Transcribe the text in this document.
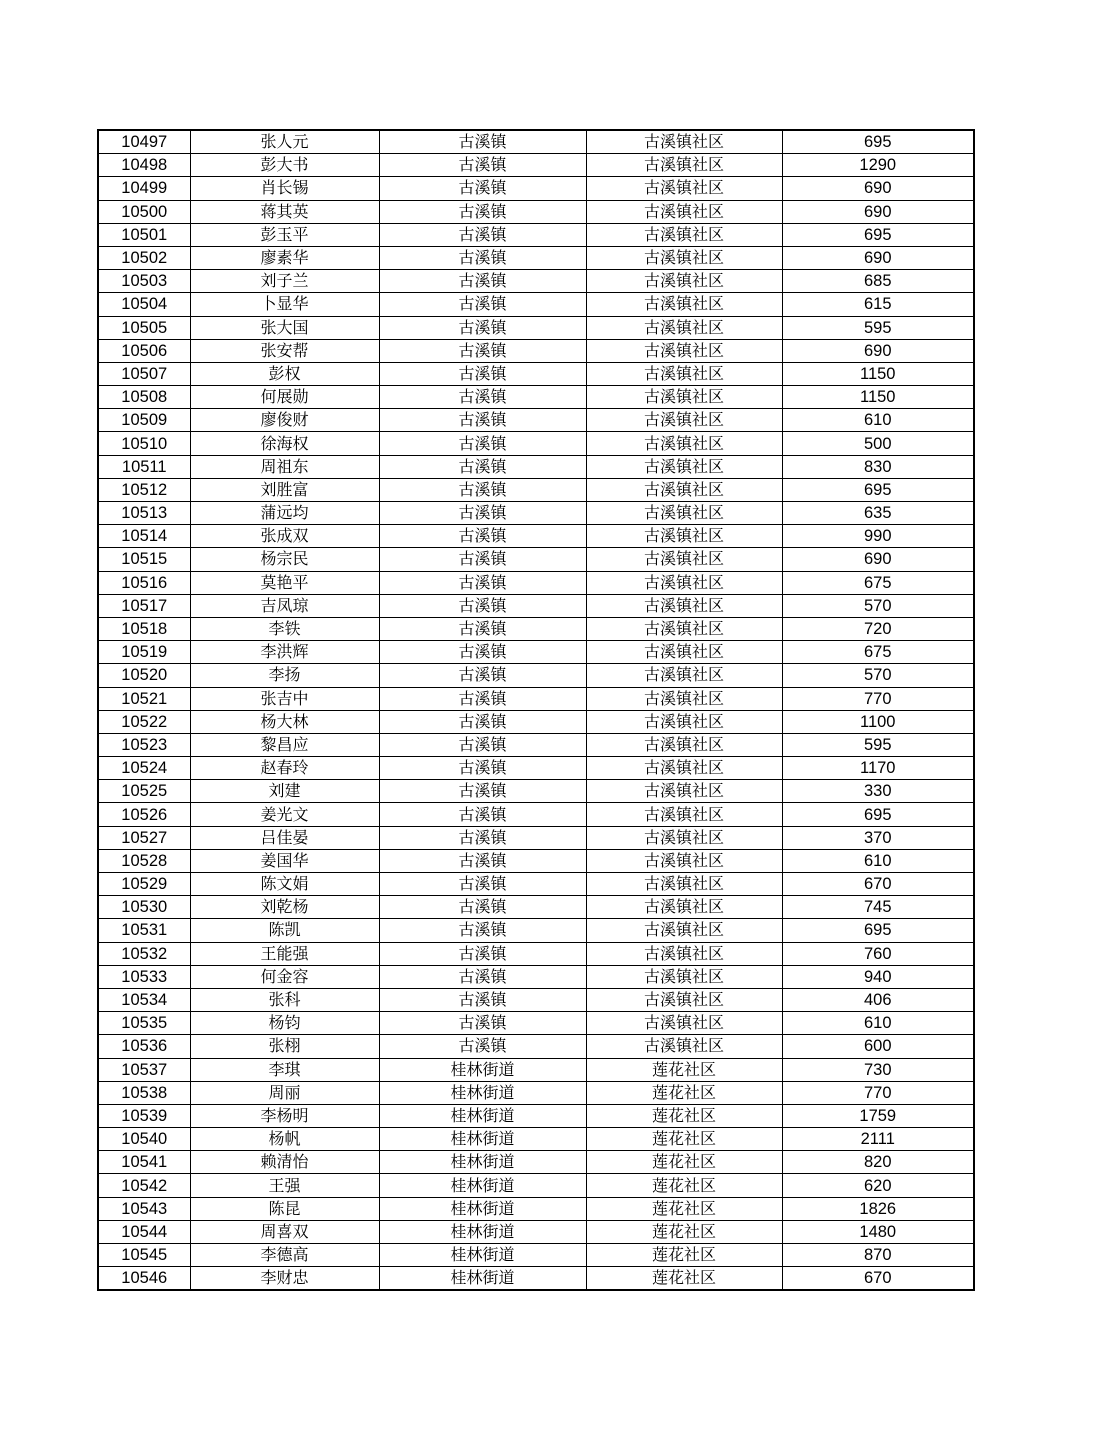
10497	张人元	古溪镇	古溪镇社区	695
10498	彭大书	古溪镇	古溪镇社区	1290
10499	肖长锡	古溪镇	古溪镇社区	690
10500	蒋其英	古溪镇	古溪镇社区	690
10501	彭玉平	古溪镇	古溪镇社区	695
10502	廖素华	古溪镇	古溪镇社区	690
10503	刘子兰	古溪镇	古溪镇社区	685
10504	卜显华	古溪镇	古溪镇社区	615
10505	张大国	古溪镇	古溪镇社区	595
10506	张安帮	古溪镇	古溪镇社区	690
10507	彭权	古溪镇	古溪镇社区	1150
10508	何展勋	古溪镇	古溪镇社区	1150
10509	廖俊财	古溪镇	古溪镇社区	610
10510	徐海权	古溪镇	古溪镇社区	500
10511	周祖东	古溪镇	古溪镇社区	830
10512	刘胜富	古溪镇	古溪镇社区	695
10513	蒲远均	古溪镇	古溪镇社区	635
10514	张成双	古溪镇	古溪镇社区	990
10515	杨宗民	古溪镇	古溪镇社区	690
10516	莫艳平	古溪镇	古溪镇社区	675
10517	吉凤琼	古溪镇	古溪镇社区	570
10518	李铁	古溪镇	古溪镇社区	720
10519	李洪辉	古溪镇	古溪镇社区	675
10520	李扬	古溪镇	古溪镇社区	570
10521	张吉中	古溪镇	古溪镇社区	770
10522	杨大林	古溪镇	古溪镇社区	1100
10523	黎昌应	古溪镇	古溪镇社区	595
10524	赵春玲	古溪镇	古溪镇社区	1170
10525	刘建	古溪镇	古溪镇社区	330
10526	姜光文	古溪镇	古溪镇社区	695
10527	吕佳晏	古溪镇	古溪镇社区	370
10528	姜国华	古溪镇	古溪镇社区	610
10529	陈文娟	古溪镇	古溪镇社区	670
10530	刘乾杨	古溪镇	古溪镇社区	745
10531	陈凯	古溪镇	古溪镇社区	695
10532	王能强	古溪镇	古溪镇社区	760
10533	何金容	古溪镇	古溪镇社区	940
10534	张科	古溪镇	古溪镇社区	406
10535	杨钧	古溪镇	古溪镇社区	610
10536	张栩	古溪镇	古溪镇社区	600
10537	李琪	桂林街道	莲花社区	730
10538	周丽	桂林街道	莲花社区	770
10539	李杨明	桂林街道	莲花社区	1759
10540	杨帆	桂林街道	莲花社区	2111
10541	赖清怡	桂林街道	莲花社区	820
10542	王强	桂林街道	莲花社区	620
10543	陈昆	桂林街道	莲花社区	1826
10544	周喜双	桂林街道	莲花社区	1480
10545	李德高	桂林街道	莲花社区	870
10546	李财忠	桂林街道	莲花社区	670
